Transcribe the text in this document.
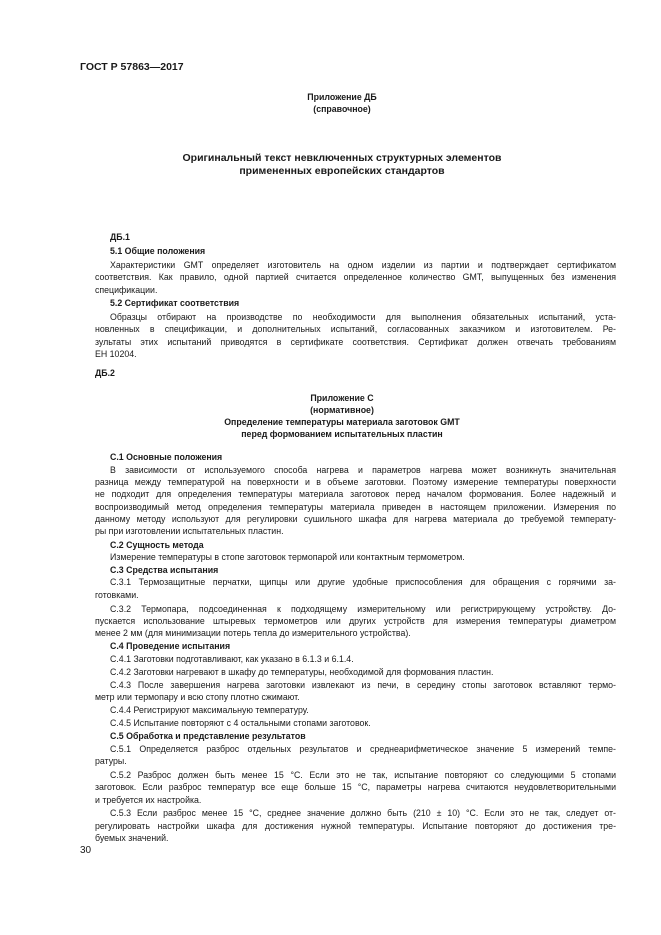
ГОСТ Р 57863—2017
Приложение ДБ
(справочное)
Оригинальный текст невключенных структурных элементов
примененных европейских стандартов
ДБ.1
5.1 Общие положения
Характеристики GMT определяет изготовитель на одном изделии из партии и подтверждает сертификатом
соответствия. Как правило, одной партией считается определенное количество GMT, выпущенных без изменения
спецификации.
5.2 Сертификат соответствия
Образцы отбирают на производстве по необходимости для выполнения обязательных испытаний, уста-
новленных в спецификации, и дополнительных испытаний, согласованных заказчиком и изготовителем. Ре-
зультаты этих испытаний приводятся в сертификате соответствия. Сертификат должен отвечать требованиям
ЕН 10204.
ДБ.2
Приложение С
(нормативное)
Определение температуры материала заготовок GMT
перед формованием испытательных пластин
С.1 Основные положения
В зависимости от используемого способа нагрева и параметров нагрева может возникнуть значительная
разница между температурой на поверхности и в объеме заготовки. Поэтому измерение температуры поверхности
не подходит для определения температуры материала заготовок перед началом формования. Более надежный и
воспроизводимый метод определения температуры материала приведен в настоящем приложении. Измерения по
данному методу используют для регулировки сушильного шкафа для нагрева материала до требуемой температу-
ры при изготовлении испытательных пластин.
С.2 Сущность метода
Измерение температуры в стопе заготовок термопарой или контактным термометром.
С.3 Средства испытания
С.3.1 Термозащитные перчатки, щипцы или другие удобные приспособления для обращения с горячими за-
готовками.
С.3.2 Термопара, подсоединенная к подходящему измерительному или регистрирующему устройству. До-
пускается использование штыревых термометров или других устройств для измерения температуры диаметром
менее 2 мм (для минимизации потерь тепла до измерительного устройства).
С.4 Проведение испытания
С.4.1 Заготовки подготавливают, как указано в 6.1.3 и 6.1.4.
С.4.2 Заготовки нагревают в шкафу до температуры, необходимой для формования пластин.
С.4.3 После завершения нагрева заготовки извлекают из печи, в середину стопы заготовок вставляют термо-
метр или термопару и всю стопу плотно сжимают.
С.4.4 Регистрируют максимальную температуру.
С.4.5 Испытание повторяют с 4 остальными стопами заготовок.
С.5 Обработка и представление результатов
С.5.1 Определяется разброс отдельных результатов и среднеарифметическое значение 5 измерений темпе-
ратуры.
С.5.2 Разброс должен быть менее 15 °С. Если это не так, испытание повторяют со следующими 5 стопами
заготовок. Если разброс температур все еще больше 15 °С, параметры нагрева считаются неудовлетворительными
и требуется их настройка.
С.5.3 Если разброс менее 15 °С, среднее значение должно быть (210 ± 10) °С. Если это не так, следует от-
регулировать настройки шкафа для достижения нужной температуры. Испытание повторяют до достижения тре-
буемых значений.
30
